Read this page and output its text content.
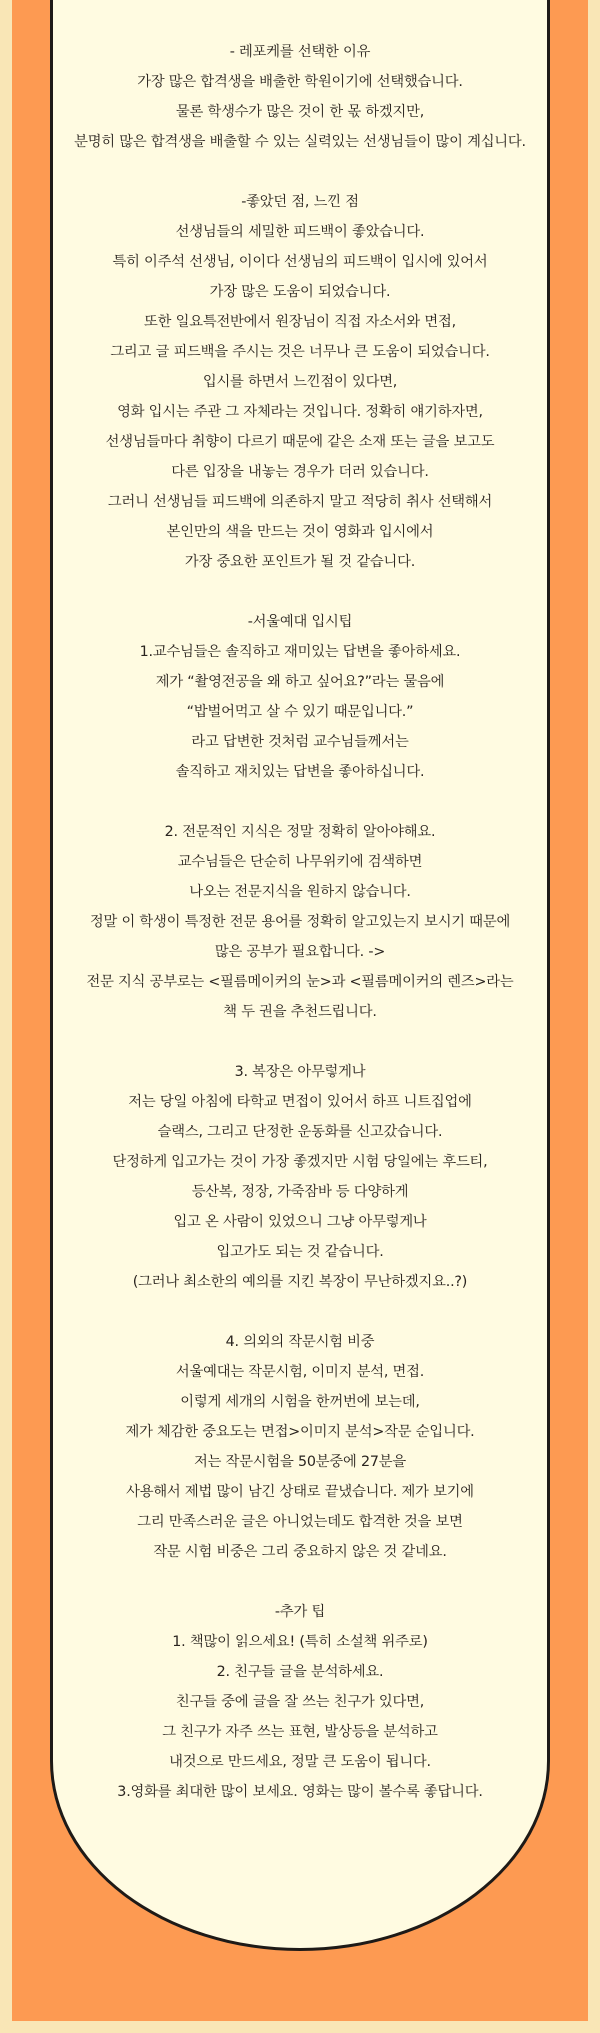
- 레포케를 선택한 이유
가장 많은 합격생을 배출한 학원이기에 선택했습니다.
물론 학생수가 많은 것이 한 몫 하겠지만,
분명히 많은 합격생을 배출할 수 있는 실력있는 선생님들이 많이 계십니다.
-좋았던 점, 느낀 점
선생님들의 세밀한 피드백이 좋았습니다.
특히 이주석 선생님, 이이다 선생님의 피드백이 입시에 있어서
가장 많은 도움이 되었습니다.
또한 일요특전반에서 원장님이 직접 자소서와 면접,
그리고 글 피드백을 주시는 것은 너무나 큰 도움이 되었습니다.
입시를 하면서 느낀점이 있다면,
영화 입시는 주관 그 자체라는 것입니다. 정확히 얘기하자면,
선생님들마다 취향이 다르기 때문에 같은 소재 또는 글을 보고도
다른 입장을 내놓는 경우가 더러 있습니다.
그러니 선생님들 피드백에 의존하지 말고 적당히 취사 선택해서
본인만의 색을 만드는 것이 영화과 입시에서
가장 중요한 포인트가 될 것 같습니다.
-서울예대 입시팁
1.교수님들은 솔직하고 재미있는 답변을 좋아하세요.
제가 “촬영전공을 왜 하고 싶어요?”라는 물음에
“밥벌어먹고 살 수 있기 때문입니다.”
라고 답변한 것처럼 교수님들께서는
솔직하고 재치있는 답변을 좋아하십니다.
2. 전문적인 지식은 정말 정확히 알아야해요.
교수님들은 단순히 나무위키에 검색하면
나오는 전문지식을 원하지 않습니다.
정말 이 학생이 특정한 전문 용어를 정확히 알고있는지 보시기 때문에
많은 공부가 필요합니다. ->
전문 지식 공부로는 <필름메이커의 눈>과 <필름메이커의 렌즈>라는
책 두 권을 추천드립니다.
3. 복장은 아무렇게나
저는 당일 아침에 타학교 면접이 있어서 하프 니트집업에
슬랙스, 그리고 단정한 운동화를 신고갔습니다.
단정하게 입고가는 것이 가장 좋겠지만 시험 당일에는 후드티,
등산복, 정장, 가죽잠바 등 다양하게
입고 온 사람이 있었으니 그냥 아무렇게나
입고가도 되는 것 같습니다.
(그러나 최소한의 예의를 지킨 복장이 무난하겠지요..?)
4. 의외의 작문시험 비중
서울예대는 작문시험, 이미지 분석, 면접.
이렇게 세개의 시험을 한꺼번에 보는데,
제가 체감한 중요도는 면접>이미지 분석>작문 순입니다.
저는 작문시험을 50분중에 27분을
사용해서 제법 많이 남긴 상태로 끝냈습니다. 제가 보기에
그리 만족스러운 글은 아니었는데도 합격한 것을 보면
작문 시험 비중은 그리 중요하지 않은 것 같네요.
-추가 팁
1. 책많이 읽으세요! (특히 소설책 위주로)
2. 친구들 글을 분석하세요.
친구들 중에 글을 잘 쓰는 친구가 있다면,
그 친구가 자주 쓰는 표현, 발상등을 분석하고
내것으로 만드세요, 정말 큰 도움이 됩니다.
3.영화를 최대한 많이 보세요. 영화는 많이 볼수록 좋답니다.
